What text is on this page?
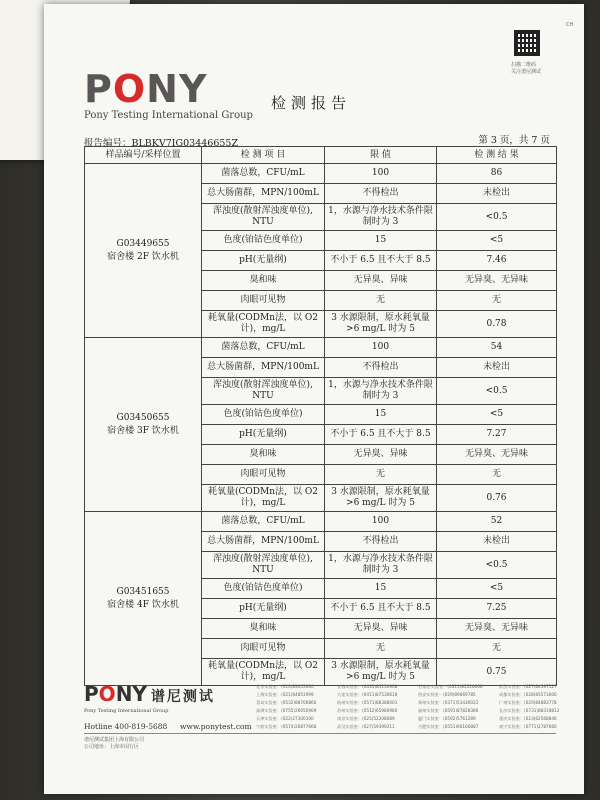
CH
扫描二维码
关注谱尼测试
PONY
Pony Testing International Group
检测报告
报告编号：BLBKV7IG03446655Z	第 3 页，共 7 页
样品编号/采样位置	检 测 项 目	限 值	检 测 结 果

G03449655
宿舍楼 2F 饮水机	菌落总数，CFU/mL	100	86
	总大肠菌群，MPN/100mL	不得检出	未检出
	浑浊度(散射浑浊度单位), NTU	1，水源与净水技术条件限制时为 3	<0.5
	色度(铂钴色度单位)	15	<5
	pH(无量纲)	不小于 6.5 且不大于 8.5	7.46
	臭和味	无异臭、异味	无异臭、无异味
	肉眼可见物	无	无
	耗氧量(CODMn法，以 O2 计)，mg/L	3 水源限制，原水耗氧量>6 mg/L 时为 5	0.78

G03450655
宿舍楼 3F 饮水机	菌落总数，CFU/mL	100	54
	总大肠菌群，MPN/100mL	不得检出	未检出
	浑浊度(散射浑浊度单位), NTU	1，水源与净水技术条件限制时为 3	<0.5
	色度(铂钴色度单位)	15	<5
	pH(无量纲)	不小于 6.5 且不大于 8.5	7.27
	臭和味	无异臭、异味	无异臭、无异味
	肉眼可见物	无	无
	耗氧量(CODMn法，以 O2 计)，mg/L	3 水源限制，原水耗氧量>6 mg/L 时为 5	0.76

G03451655
宿舍楼 4F 饮水机	菌落总数，CFU/mL	100	52
	总大肠菌群，MPN/100mL	不得检出	未检出
	浑浊度(散射浑浊度单位), NTU	1，水源与净水技术条件限制时为 3	<0.5
	色度(铂钴色度单位)	15	<5
	pH(无量纲)	不小于 6.5 且不大于 8.5	7.25
	臭和味	无异臭、异味	无异臭、无异味
	肉眼可见物	无	无
	耗氧量(CODMn法，以 O2 计)，mg/L	3 水源限制，原水耗氧量>6 mg/L 时为 5	0.75
PONY 谱尼测试
Pony Testing International Group
Hotline 400-819-5688 www.ponytest.com
北京实验室：(010)83055000
上海实验室：(021)64851999
青岛实验室：(0532)88706866
深圳实验室：(0755)26050909
天津实验室：(022)27300100
宁波实验室：(0574)26877668
长春实验室：(0431)85150908
大连实验室：(0411)87536618
杭州实验室：(0571)88388001
苏州实验室：(0512)65980980
南京实验室：(025)52208689
武汉实验室：(027)59399211
石家庄实验室：(0311)85316666
西安实验室：(029)89669785
郑州实验室：(0371)53430022
福州实验室：(0591)87828386
厦门实验室：(0592)5761289
合肥实验室：(0551)66166887
武汉实验室：(027)84597127
成都实验室：(028)85573000
广州实验室：(020)84883778
长沙实验室：(0731)88318812
重庆实验室：(023)62568846
南宁实验室：(0771)2787666
谱尼测试集团上海有限公司
公司地址：上海市闵行区
